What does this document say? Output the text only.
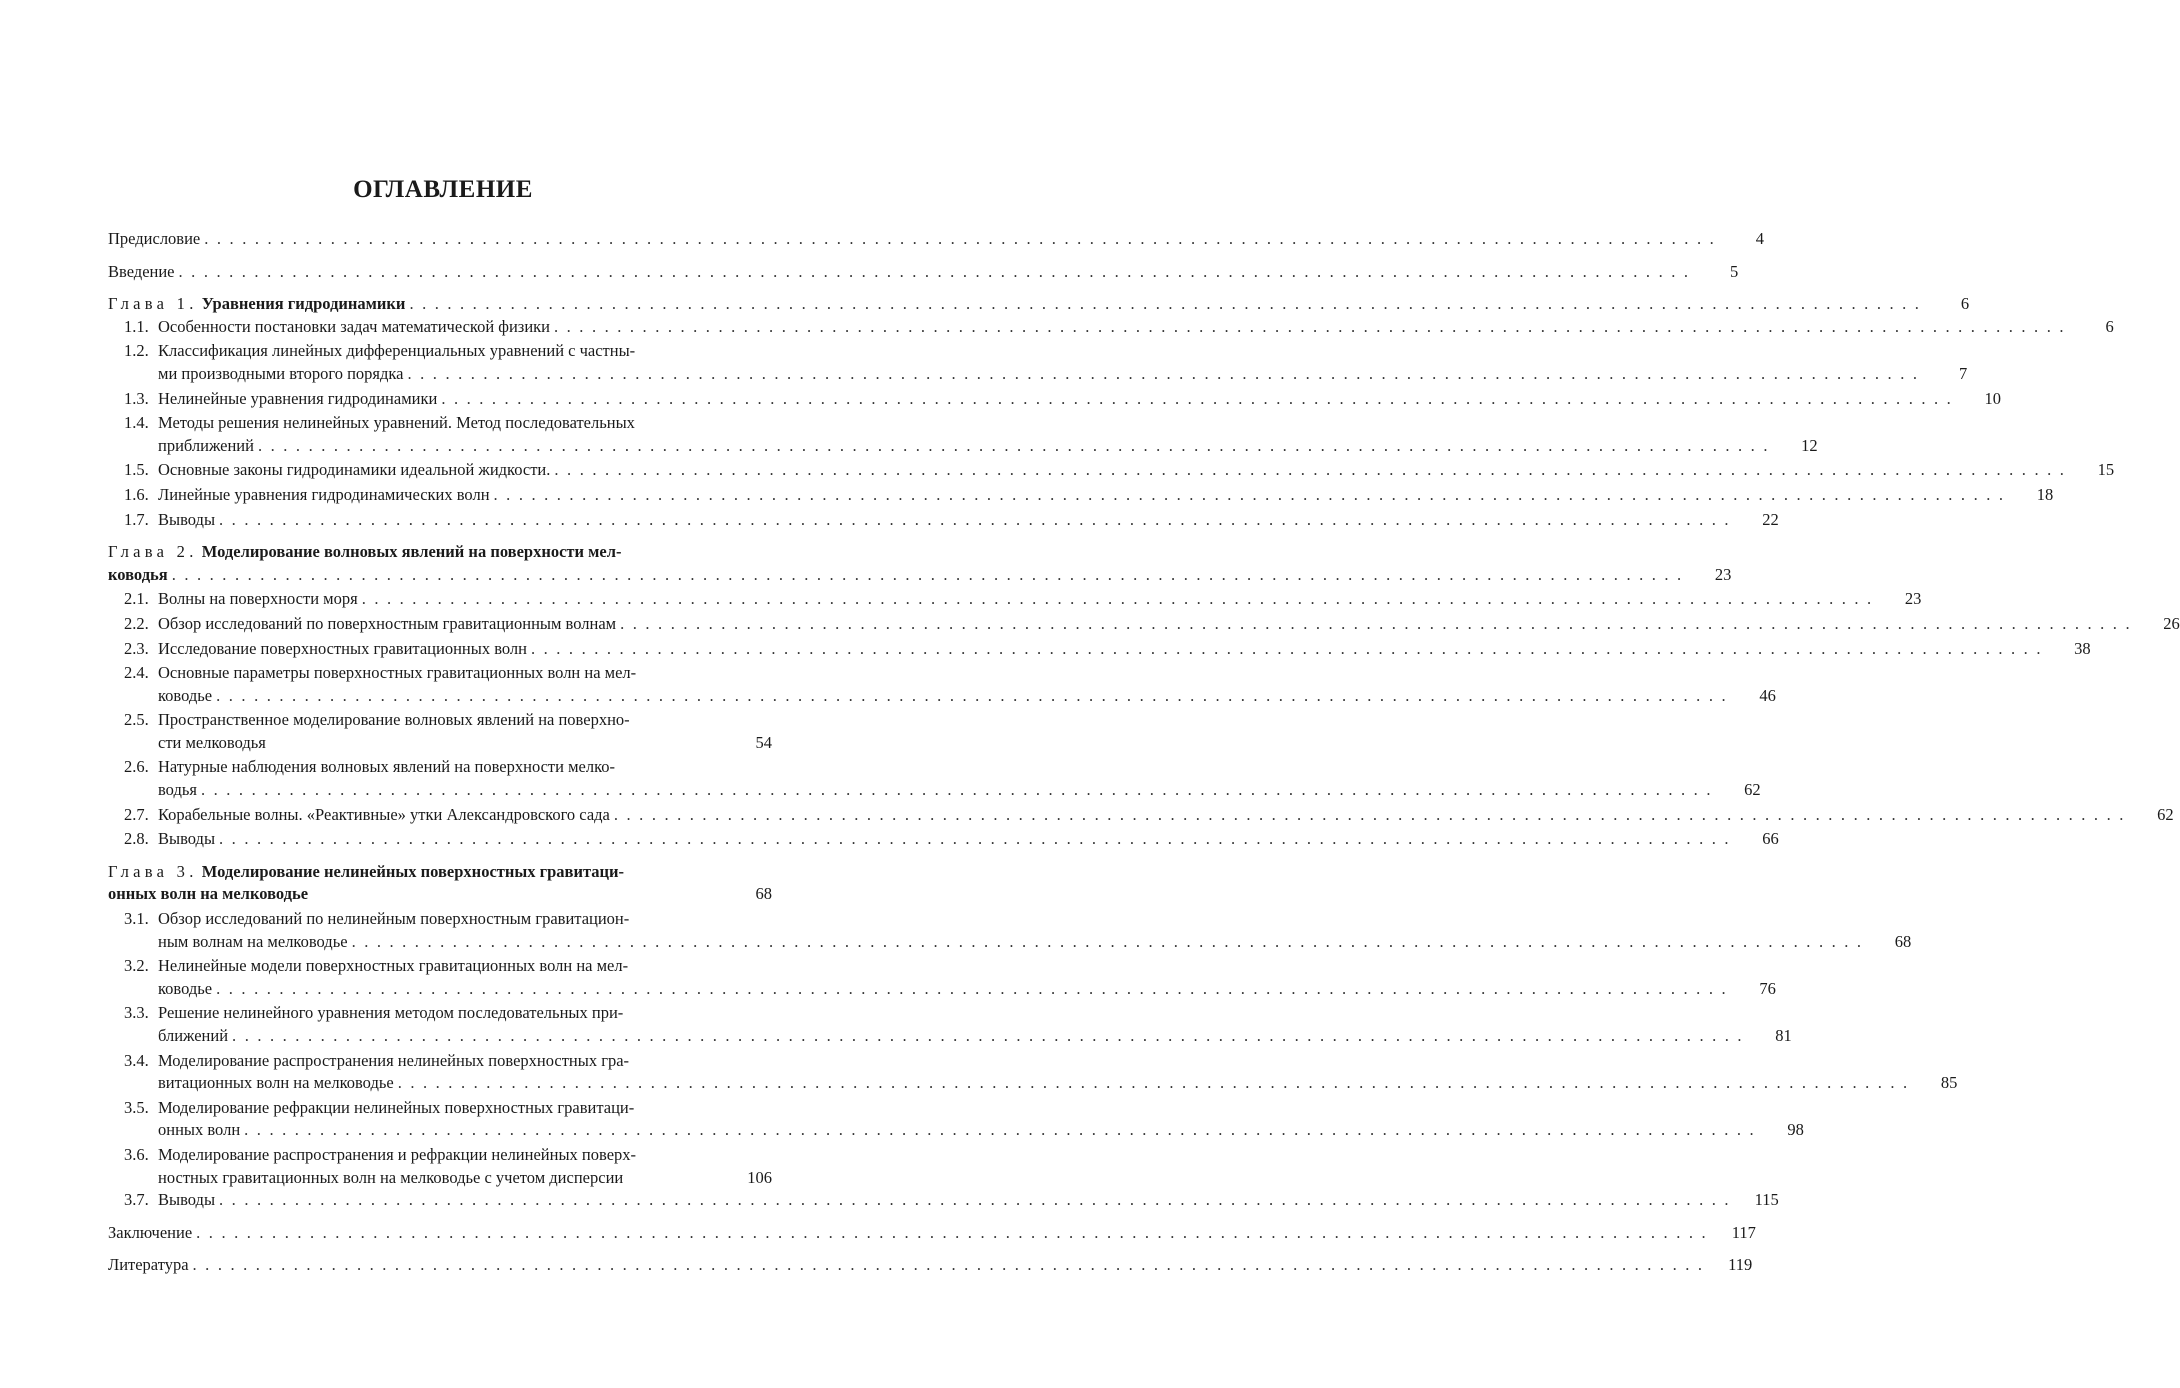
ОГЛАВЛЕНИЕ
Предисловие . . . . . . . . . . . . . . . . . . . . . . . . . . . . . . . . . . . . . . . . . . . . . . . . . . . . . . . . . . . . . . . . . . . . . . . . . . . . . . . . . . . . . . . . . . . . . . . . . . . . . . . . . . . . . . . . . . . . . . . .	4
Введение . . . . . . . . . . . . . . . . . . . . . . . . . . . . . . . . . . . . . . . . . . . . . . . . . . . . . . . . . . . . . . . . . . . . . . . . . . . . . . . . . . . . . . . . . . . . . . . . . . . . . . . . . . . . . . . . . . . . . . . .	5
Глава 1. Уравнения гидродинамики . . . . . . . . . . . . . . . . . . . . . . . . . . . . . . . . . . . . . . . . . . . . . . . . . . . . . . . . . . . . . . . . . . . . . . . . . . . . . . . . . . . . . . . . . . . . . . . . . . . . . . . . . . . . . . . . . . . . . . . .	6
1.1. Особенности постановки задач математической физики . . . . . . . . . . . . . . . . . . . . . . . . . . . . . . . . . . . . . . . . . . . . . . . . . . . . . . . . . . . . . . . . . . . . . . . . . . . . . . . . . . . . . . . . . . . . . . . . . . . . . . . . . . . . . . . . . . . . . . . .	6
1.2. Классификация линейных дифференциальных уравнений с частны-
ми производными второго порядка . . . . . . . . . . . . . . . . . . . . . . . . . . . . . . . . . . . . . . . . . . . . . . . . . . . . . . . . . . . . . . . . . . . . . . . . . . . . . . . . . . . . . . . . . . . . . . . . . . . . . . . . . . . . . . . . . . . . . . . .	7
1.3. Нелинейные уравнения гидродинамики . . . . . . . . . . . . . . . . . . . . . . . . . . . . . . . . . . . . . . . . . . . . . . . . . . . . . . . . . . . . . . . . . . . . . . . . . . . . . . . . . . . . . . . . . . . . . . . . . . . . . . . . . . . . . . . . . . . . . . . .	10
1.4. Методы решения нелинейных уравнений. Метод последовательных
приближений . . . . . . . . . . . . . . . . . . . . . . . . . . . . . . . . . . . . . . . . . . . . . . . . . . . . . . . . . . . . . . . . . . . . . . . . . . . . . . . . . . . . . . . . . . . . . . . . . . . . . . . . . . . . . . . . . . . . . . . .	12
1.5. Основные законы гидродинамики идеальной жидкости. . . . . . . . . . . . . . . . . . . . . . . . . . . . . . . . . . . . . . . . . . . . . . . . . . . . . . . . . . . . . . . . . . . . . . . . . . . . . . . . . . . . . . . . . . . . . . . . . . . . . . . . . . . . . . . . . . . . . . . . .	15
1.6. Линейные уравнения гидродинамических волн . . . . . . . . . . . . . . . . . . . . . . . . . . . . . . . . . . . . . . . . . . . . . . . . . . . . . . . . . . . . . . . . . . . . . . . . . . . . . . . . . . . . . . . . . . . . . . . . . . . . . . . . . . . . . . . . . . . . . . . .	18
1.7. Выводы . . . . . . . . . . . . . . . . . . . . . . . . . . . . . . . . . . . . . . . . . . . . . . . . . . . . . . . . . . . . . . . . . . . . . . . . . . . . . . . . . . . . . . . . . . . . . . . . . . . . . . . . . . . . . . . . . . . . . . . .	22
Глава 2. Моделирование волновых явлений на поверхности мел-
ководья . . . . . . . . . . . . . . . . . . . . . . . . . . . . . . . . . . . . . . . . . . . . . . . . . . . . . . . . . . . . . . . . . . . . . . . . . . . . . . . . . . . . . . . . . . . . . . . . . . . . . . . . . . . . . . . . . . . . . . . .	23
2.1. Волны на поверхности моря . . . . . . . . . . . . . . . . . . . . . . . . . . . . . . . . . . . . . . . . . . . . . . . . . . . . . . . . . . . . . . . . . . . . . . . . . . . . . . . . . . . . . . . . . . . . . . . . . . . . . . . . . . . . . . . . . . . . . . . .	23
2.2. Обзор исследований по поверхностным гравитационным волнам . . . . . . . . . . . . . . . . . . . . . . . . . . . . . . . . . . . . . . . . . . . . . . . . . . . . . . . . . . . . . . . . . . . . . . . . . . . . . . . . . . . . . . . . . . . . . . . . . . . . . . . . . . . . . . . . . . . . . . . .	26
2.3. Исследование поверхностных гравитационных волн . . . . . . . . . . . . . . . . . . . . . . . . . . . . . . . . . . . . . . . . . . . . . . . . . . . . . . . . . . . . . . . . . . . . . . . . . . . . . . . . . . . . . . . . . . . . . . . . . . . . . . . . . . . . . . . . . . . . . . . .	38
2.4. Основные параметры поверхностных гравитационных волн на мел-
ководье . . . . . . . . . . . . . . . . . . . . . . . . . . . . . . . . . . . . . . . . . . . . . . . . . . . . . . . . . . . . . . . . . . . . . . . . . . . . . . . . . . . . . . . . . . . . . . . . . . . . . . . . . . . . . . . . . . . . . . . .	46
2.5. Пространственное моделирование волновых явлений на поверхно-
сти мелководья	54
2.6. Натурные наблюдения волновых явлений на поверхности мелко-
водья . . . . . . . . . . . . . . . . . . . . . . . . . . . . . . . . . . . . . . . . . . . . . . . . . . . . . . . . . . . . . . . . . . . . . . . . . . . . . . . . . . . . . . . . . . . . . . . . . . . . . . . . . . . . . . . . . . . . . . . .	62
2.7. Корабельные волны. «Реактивные» утки Александровского сада . . . . . . . . . . . . . . . . . . . . . . . . . . . . . . . . . . . . . . . . . . . . . . . . . . . . . . . . . . . . . . . . . . . . . . . . . . . . . . . . . . . . . . . . . . . . . . . . . . . . . . . . . . . . . . . . . . . . . . . .	62
2.8. Выводы . . . . . . . . . . . . . . . . . . . . . . . . . . . . . . . . . . . . . . . . . . . . . . . . . . . . . . . . . . . . . . . . . . . . . . . . . . . . . . . . . . . . . . . . . . . . . . . . . . . . . . . . . . . . . . . . . . . . . . . .	66
Глава 3. Моделирование нелинейных поверхностных гравитаци-
онных волн на мелководье	68
3.1. Обзор исследований по нелинейным поверхностным гравитацион-
ным волнам на мелководье . . . . . . . . . . . . . . . . . . . . . . . . . . . . . . . . . . . . . . . . . . . . . . . . . . . . . . . . . . . . . . . . . . . . . . . . . . . . . . . . . . . . . . . . . . . . . . . . . . . . . . . . . . . . . . . . . . . . . . . .	68
3.2. Нелинейные модели поверхностных гравитационных волн на мел-
ководье . . . . . . . . . . . . . . . . . . . . . . . . . . . . . . . . . . . . . . . . . . . . . . . . . . . . . . . . . . . . . . . . . . . . . . . . . . . . . . . . . . . . . . . . . . . . . . . . . . . . . . . . . . . . . . . . . . . . . . . .	76
3.3. Решение нелинейного уравнения методом последовательных при-
ближений . . . . . . . . . . . . . . . . . . . . . . . . . . . . . . . . . . . . . . . . . . . . . . . . . . . . . . . . . . . . . . . . . . . . . . . . . . . . . . . . . . . . . . . . . . . . . . . . . . . . . . . . . . . . . . . . . . . . . . . .	81
3.4. Моделирование распространения нелинейных поверхностных гра-
витационных волн на мелководье . . . . . . . . . . . . . . . . . . . . . . . . . . . . . . . . . . . . . . . . . . . . . . . . . . . . . . . . . . . . . . . . . . . . . . . . . . . . . . . . . . . . . . . . . . . . . . . . . . . . . . . . . . . . . . . . . . . . . . . .	85
3.5. Моделирование рефракции нелинейных поверхностных гравитаци-
онных волн . . . . . . . . . . . . . . . . . . . . . . . . . . . . . . . . . . . . . . . . . . . . . . . . . . . . . . . . . . . . . . . . . . . . . . . . . . . . . . . . . . . . . . . . . . . . . . . . . . . . . . . . . . . . . . . . . . . . . . . .	98
3.6. Моделирование распространения и рефракции нелинейных поверх-
ностных гравитационных волн на мелководье с учетом дисперсии	106
3.7. Выводы . . . . . . . . . . . . . . . . . . . . . . . . . . . . . . . . . . . . . . . . . . . . . . . . . . . . . . . . . . . . . . . . . . . . . . . . . . . . . . . . . . . . . . . . . . . . . . . . . . . . . . . . . . . . . . . . . . . . . . . .	115
Заключение . . . . . . . . . . . . . . . . . . . . . . . . . . . . . . . . . . . . . . . . . . . . . . . . . . . . . . . . . . . . . . . . . . . . . . . . . . . . . . . . . . . . . . . . . . . . . . . . . . . . . . . . . . . . . . . . . . . . . . . .	117
Литература . . . . . . . . . . . . . . . . . . . . . . . . . . . . . . . . . . . . . . . . . . . . . . . . . . . . . . . . . . . . . . . . . . . . . . . . . . . . . . . . . . . . . . . . . . . . . . . . . . . . . . . . . . . . . . . . . . . . . . . .	119
